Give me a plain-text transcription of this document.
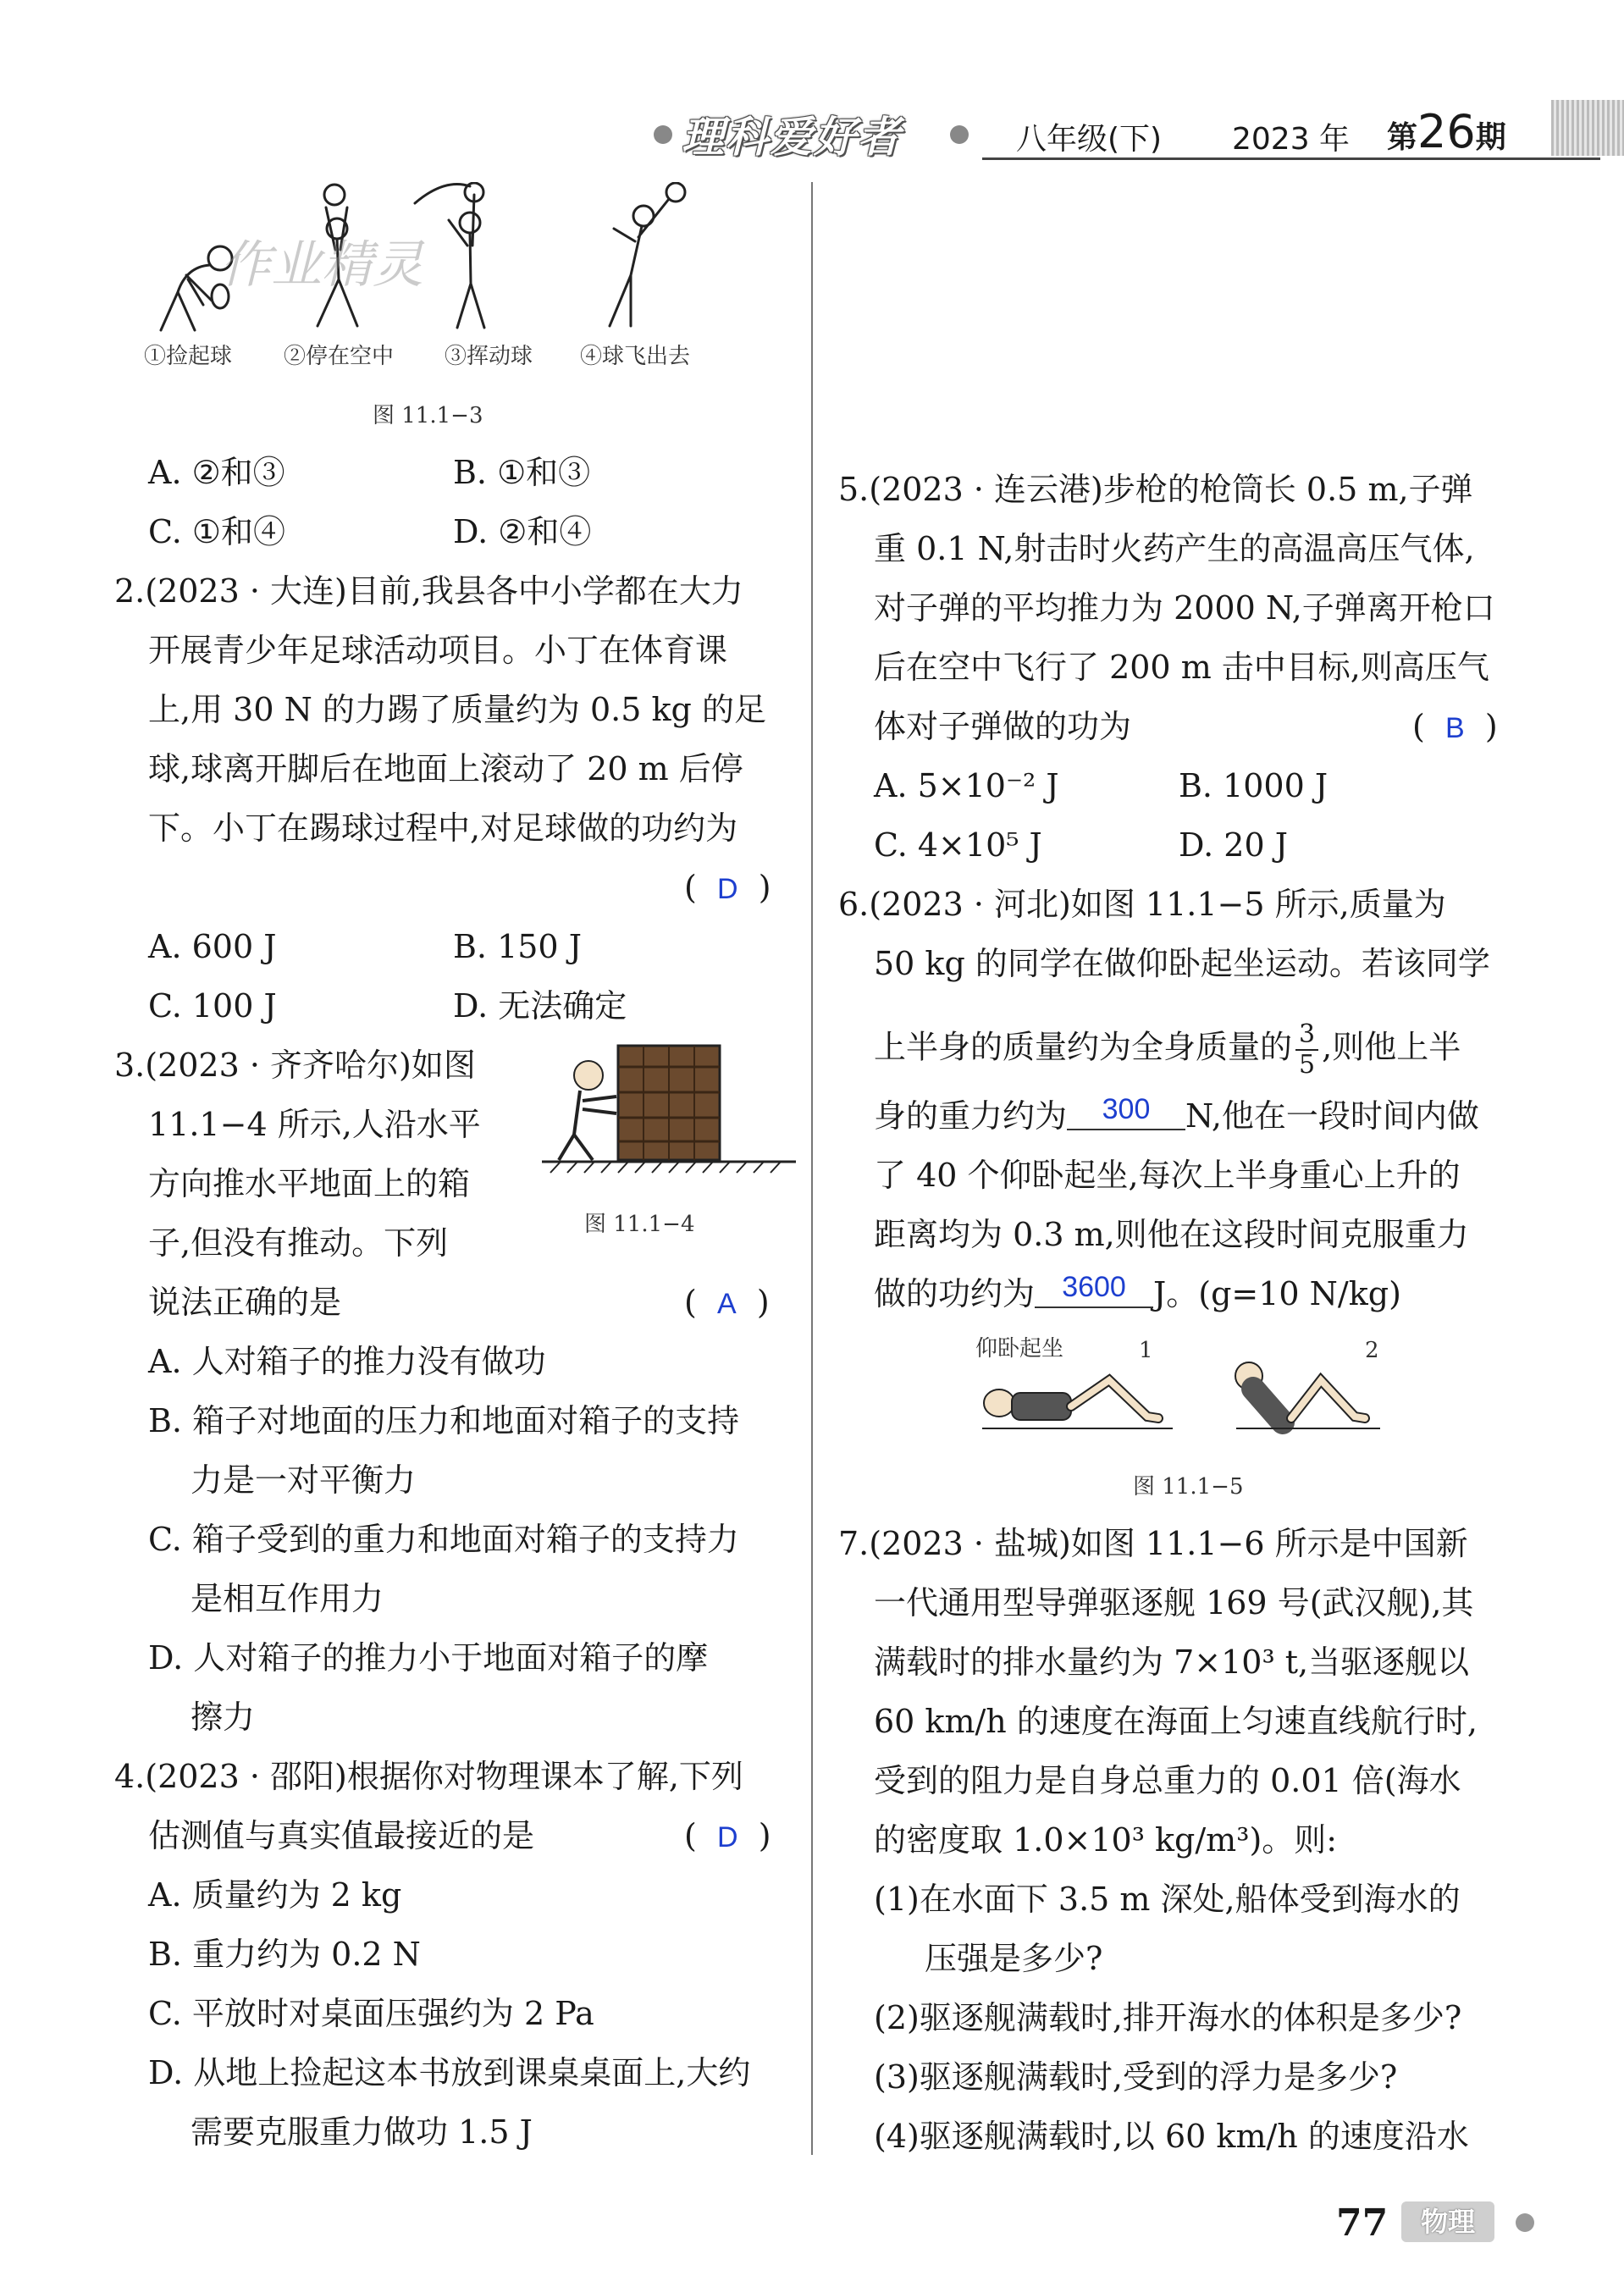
理科爱好者	八年级(下) 2023 年 第26期
作业精灵
①捡起球 ②停在空中 ③挥动球 ④球飞出去
图 11.1−3
A. ②和③	B. ①和③
C. ①和④	D. ②和④
2.(2023 · 大连)目前,我县各中小学都在大力
开展青少年足球活动项目。小丁在体育课
上,用 30 N 的力踢了质量约为 0.5 kg 的足
球,球离开脚后在地面上滚动了 20 m 后停
下。小丁在踢球过程中,对足球做的功约为
(  D  )
A. 600 J	B. 150 J
C. 100 J	D. 无法确定
3.(2023 · 齐齐哈尔)如图
11.1−4 所示,人沿水平
方向推水平地面上的箱
子,但没有推动。下列
说法正确的是	(  A  )
图 11.1−4
A. 人对箱子的推力没有做功
B. 箱子对地面的压力和地面对箱子的支持
力是一对平衡力
C. 箱子受到的重力和地面对箱子的支持力
是相互作用力
D. 人对箱子的推力小于地面对箱子的摩
擦力
4.(2023 · 邵阳)根据你对物理课本了解,下列
估测值与真实值最接近的是	(  D  )
A. 质量约为 2 kg
B. 重力约为 0.2 N
C. 平放时对桌面压强约为 2 Pa
D. 从地上捡起这本书放到课桌桌面上,大约
需要克服重力做功 1.5 J
5.(2023 · 连云港)步枪的枪筒长 0.5 m,子弹
重 0.1 N,射击时火药产生的高温高压气体,
对子弹的平均推力为 2000 N,子弹离开枪口
后在空中飞行了 200 m 击中目标,则高压气
体对子弹做的功为	(  B  )
A. 5×10⁻² J	B. 1000 J
C. 4×10⁵ J	D. 20 J
6.(2023 · 河北)如图 11.1−5 所示,质量为
50 kg 的同学在做仰卧起坐运动。若该同学
上半身的质量约为全身质量的 $\frac{3}{5}$ ,则他上半
身的重力约为 300 N,他在一段时间内做
了 40 个仰卧起坐,每次上半身重心上升的
距离均为 0.3 m,则他在这段时间克服重力
做的功约为 3600 J。(g=10 N/kg)
仰卧起坐	1	2
图 11.1−5
7.(2023 · 盐城)如图 11.1−6 所示是中国新
一代通用型导弹驱逐舰 169 号(武汉舰),其
满载时的排水量约为 7×10³ t,当驱逐舰以
60 km/h 的速度在海面上匀速直线航行时,
受到的阻力是自身总重力的 0.01 倍(海水
的密度取 1.0×10³ kg/m³)。则:
(1)在水面下 3.5 m 深处,船体受到海水的
压强是多少?
(2)驱逐舰满载时,排开海水的体积是多少?
(3)驱逐舰满载时,受到的浮力是多少?
(4)驱逐舰满载时,以 60 km/h 的速度沿水
77	物理
